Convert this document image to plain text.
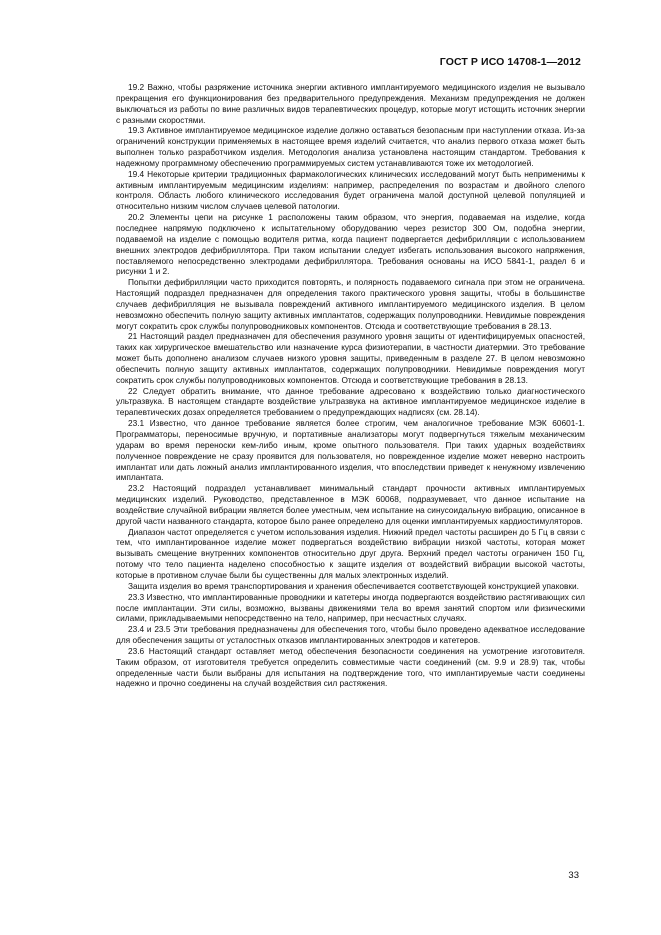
ГОСТ Р ИСО 14708-1—2012

19.2 Важно, чтобы разряжение источника энергии активного имплантируемого медицинского изделия не вызывало прекращения его функционирования без предварительного предупреждения. Механизм предупреждения не должен выключаться из работы по вине различных видов терапевтических процедур, которые могут истощить источник энергии с разными скоростями.

19.3 Активное имплантируемое медицинское изделие должно оставаться безопасным при наступлении отказа. Из-за ограничений конструкции применяемых в настоящее время изделий считается, что анализ первого отказа может быть выполнен только разработчиком изделия. Методология анализа установлена настоящим стандартом. Требования к надежному программному обеспечению программируемых систем устанавливаются тоже их методологией.

19.4 Некоторые критерии традиционных фармакологических клинических исследований могут быть неприменимы к активным имплантируемым медицинским изделиям: например, распределения по возрастам и двойного слепого контроля. Область любого клинического исследования будет ограничена малой доступной целевой популяцией и относительно низким числом случаев целевой патологии.

20.2 Элементы цепи на рисунке 1 расположены таким образом, что энергия, подаваемая на изделие, когда последнее напрямую подключено к испытательному оборудованию через резистор 300 Ом, подобна энергии, подаваемой на изделие с помощью водителя ритма, когда пациент подвергается дефибрилляции с использованием внешних электродов дефибриллятора. При таком испытании следует избегать использования высокого напряжения, поставляемого непосредственно электродами дефибриллятора. Требования основаны на ИСО 5841-1, раздел 6 и рисунки 1 и 2.

Попытки дефибрилляции часто приходится повторять, и полярность подаваемого сигнала при этом не ограничена. Настоящий подраздел предназначен для определения такого практического уровня защиты, чтобы в большинстве случаев дефибрилляция не вызывала повреждений активного имплантируемого медицинского изделия. В целом невозможно обеспечить полную защиту активных имплантатов, содержащих полупроводники. Невидимые повреждения могут сократить срок службы полупроводниковых компонентов. Отсюда и соответствующие требования в 28.13.

21 Настоящий раздел предназначен для обеспечения разумного уровня защиты от идентифицируемых опасностей, таких как хирургическое вмешательство или назначение курса физиотерапии, в частности диатермии. Это требование может быть дополнено анализом случаев низкого уровня защиты, приведенным в разделе 27. В целом невозможно обеспечить полную защиту активных имплантатов, содержащих полупроводники. Невидимые повреждения могут сократить срок службы полупроводниковых компонентов. Отсюда и соответствующие требования в 28.13.

22 Следует обратить внимание, что данное требование адресовано к воздействию только диагностического ультразвука. В настоящем стандарте воздействие ультразвука на активное имплантируемое медицинское изделие в терапевтических дозах определяется требованием о предупреждающих надписях (см. 28.14).

23.1 Известно, что данное требование является более строгим, чем аналогичное требование МЭК 60601-1. Программаторы, переносимые вручную, и портативные анализаторы могут подвергнуться тяжелым механическим ударам во время переноски кем-либо иным, кроме опытного пользователя. При таких ударных воздействиях полученное повреждение не сразу проявится для пользователя, но поврежденное изделие может неверно настроить имплантат или дать ложный анализ имплантированного изделия, что впоследствии приведет к ненужному извлечению имплантата.

23.2 Настоящий подраздел устанавливает минимальный стандарт прочности активных имплантируемых медицинских изделий. Руководство, представленное в МЭК 60068, подразумевает, что данное испытание на воздействие случайной вибрации является более уместным, чем испытание на синусоидальную вибрацию, описанное в другой части названного стандарта, которое было ранее определено для оценки имплантируемых кардиостимуляторов.

Диапазон частот определяется с учетом использования изделия. Нижний предел частоты расширен до 5 Гц в связи с тем, что имплантированное изделие может подвергаться воздействию вибрации низкой частоты, которая может вызывать смещение внутренних компонентов относительно друг друга. Верхний предел частоты ограничен 150 Гц, потому что тело пациента наделено способностью к защите изделия от воздействий вибрации высокой частоты, которые в противном случае были бы существенны для малых электронных изделий.

Защита изделия во время транспортирования и хранения обеспечивается соответствующей конструкцией упаковки.

23.3 Известно, что имплантированные проводники и катетеры иногда подвергаются воздействию растягивающих сил после имплантации. Эти силы, возможно, вызваны движениями тела во время занятий спортом или физическими силами, прикладываемыми непосредственно на тело, например, при несчастных случаях.

23.4 и 23.5 Эти требования предназначены для обеспечения того, чтобы было проведено адекватное исследование для обеспечения защиты от усталостных отказов имплантированных электродов и катетеров.

23.6 Настоящий стандарт оставляет метод обеспечения безопасности соединения на усмотрение изготовителя. Таким образом, от изготовителя требуется определить совместимые части соединений (см. 9.9 и 28.9) так, чтобы определенные части были выбраны для испытания на подтверждение того, что имплантируемые части соединены надежно и прочно соединены на случай воздействия сил растяжения.

33
